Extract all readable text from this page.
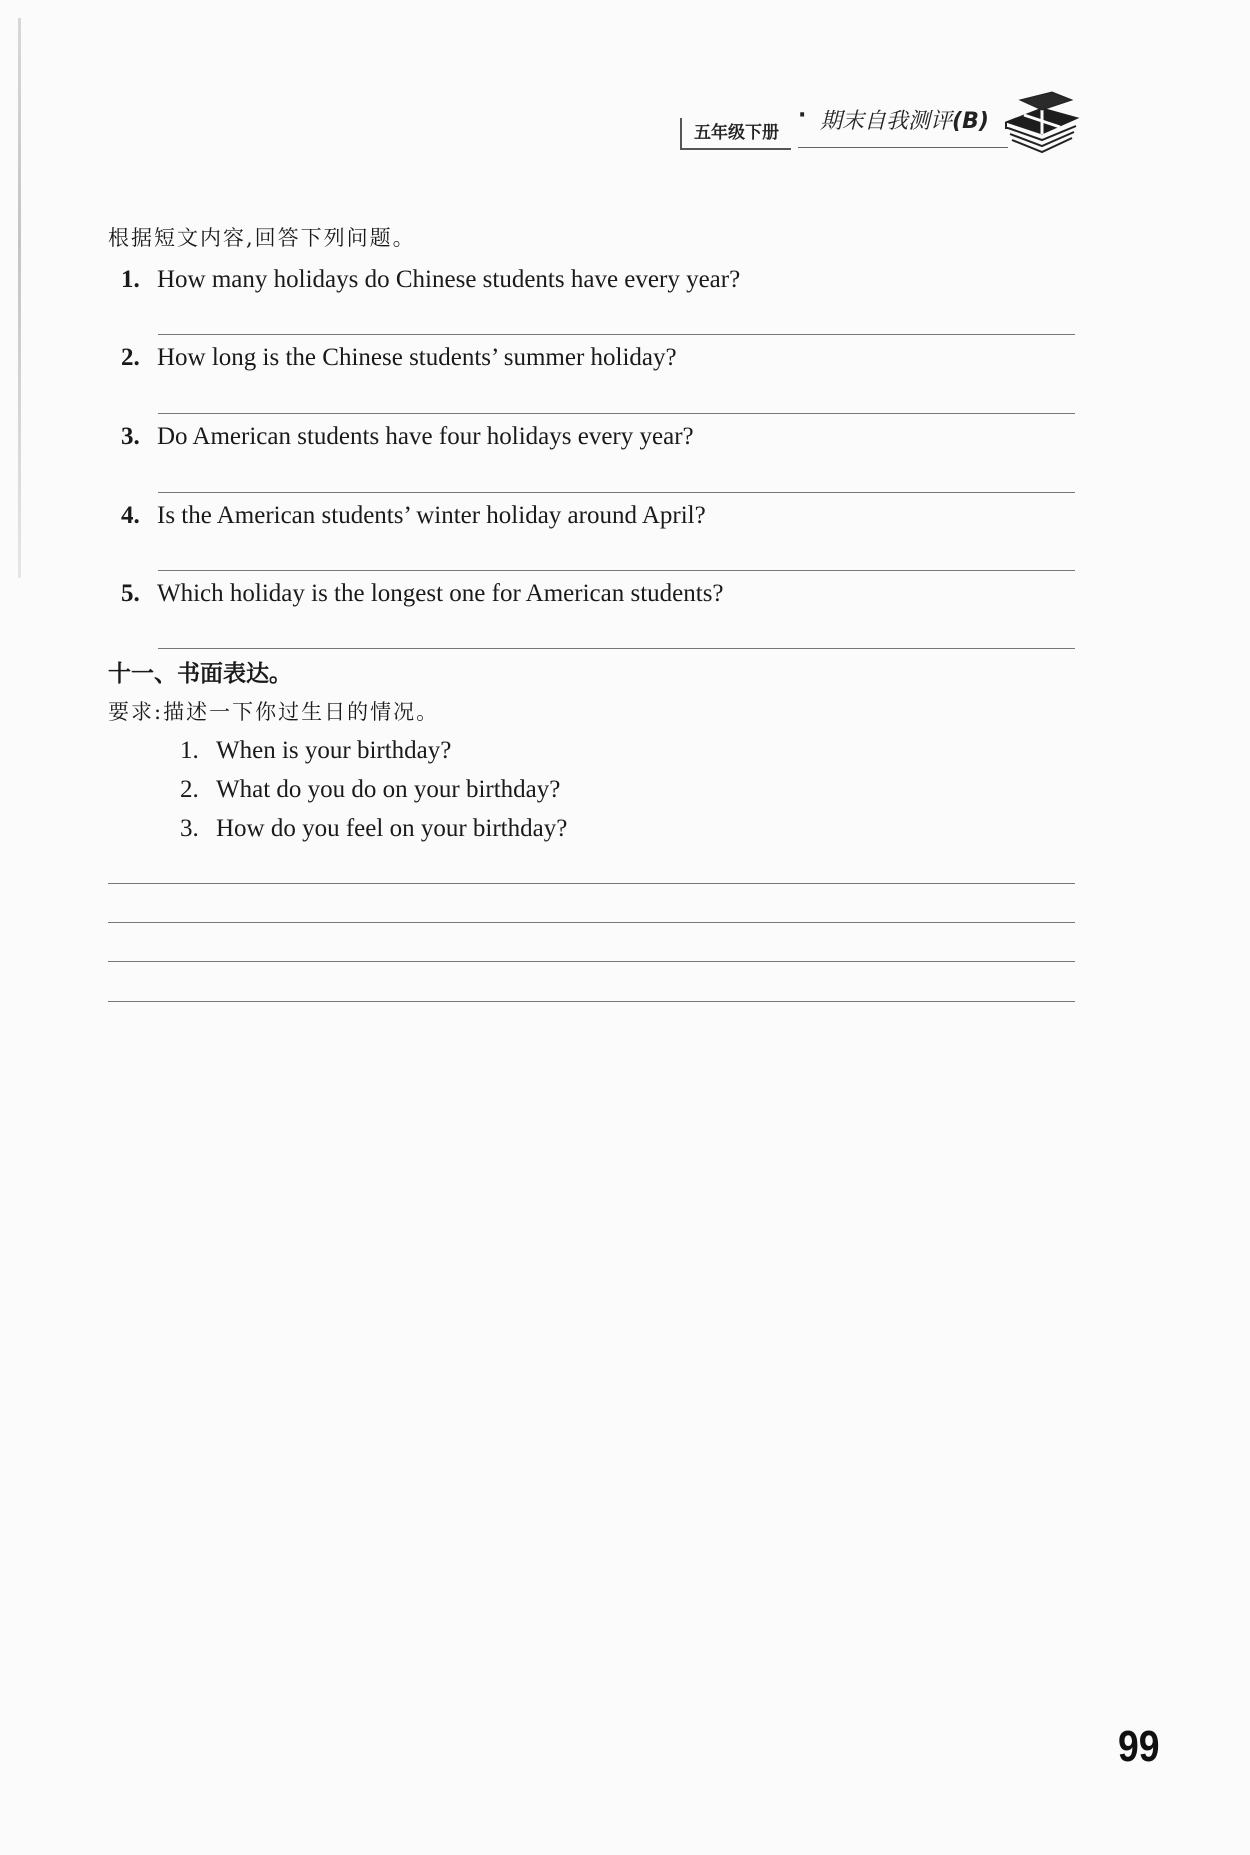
五年级下册
· 期末自我测评(B)
根据短文内容,回答下列问题。
1. How many holidays do Chinese students have every year?
2. How long is the Chinese students’ summer holiday?
3. Do American students have four holidays every year?
4. Is the American students’ winter holiday around April?
5. Which holiday is the longest one for American students?
十一、书面表达。
要求:描述一下你过生日的情况。
1. When is your birthday?
2. What do you do on your birthday?
3. How do you feel on your birthday?
99
